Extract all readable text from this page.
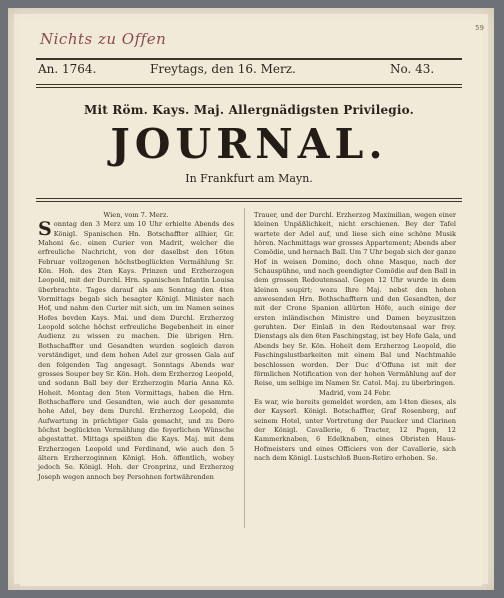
Nichts zu Offen
59
An. 1764.	Freytags, den 16. Merz.	No. 43.
Mit Röm. Kays. Maj. Allergnädigsten Privilegio.
JOURNAL.
In Frankfurt am Mayn.
Wien, vom 7. Merz.

Sonntag den 3 Merz um 10 Uhr erhielte Abends des Königl. Spanischen Hn. Botschaffter allhier, Gr. Mahoni &c. einen Curier von Madrit, welcher die erfreuliche Nachricht, von der daselbst den 16ten Februar vollzogenen höchstbeglückten Vermählung Sr. Kön. Hoh. des 2ten Kays. Prinzen und Erzherzogen Leopold, mit der Durchl. Hrn. spanischen Infantin Louisa überbrachte. Tages darauf als am Sonntag den 4ten Vormittags begab sich besagter Königl. Minister nach Hof, und nahm den Curier mit sich, um im Namen seines Hofes bevden Kays. Mai. und dem Durchl. Erzherzog Leopold solche höchst erfreuliche Begebenheit in einer Audienz zu wissen zu machen. Die übrigen Hrn. Bothschaffter und Gesandten wurden sogleich davon verständiget, und dem hohen Adel zur grossen Gala auf den folgenden Tag angesagt. Sonntags Abends war grosses Souper bey Sr. Kön. Hoh. dem Erzherzog Leopold, und sodann Ball bey der Erzherzogin Maria Anna Kö. Hoheit. Montag den 5ten Vormittags, haben die Hrn. Bothschaffere und Gesandten, wie auch der gesammte hohe Adel, bey dem Durchl. Erzherzog Leopold, die Aufwartung in prächtiger Gala gemacht, und zu Dero höchst beglückten Vermählung die feyerlichen Wünsche abgestattet. Mittags speißten die Kays. Maj. mit dem Erzherzogen Leopold und Ferdinand, wie auch den 5 ältern Erzherzoginnen Königl. Hoh. öffentlich, wobey jedoch Se. Königl. Hoh. der Cronprinz, und Erzherzog Joseph wegen annoch bey Persohnen fortwährenden

Trauer, und der Durchl. Erzherzog Maximilian, wegen einer kleinen Unpäßlichkeit, nicht erschienen. Bey der Tafel wartete der Adel auf, und liese sich eine schöne Musik hören. Nachmittags war grosses Appartement; Abends aber Comödie, und hernach Ball. Um 7 Uhr begab sich der ganze Hof in weisen Domino, doch ohne Masque, nach der Schauspühne, und nach geendigter Comödie auf den Ball in dem grossen Redoutensaal. Gegen 12 Uhr wurde in dem kleinen soupirt; wozu Ihre Maj. nebst den hohen anwesenden Hrn. Bothschafftern und den Gesandten, der mit der Crone Spanien allürten Höfe, auch einige der ersten inländischen Ministre und Damen beyzusitzen geruhten. Der Einlaß in den Redoutensaal war frey. Dienstags als den 6ten Faschingstag, ist bey Hofe Gala, und Abends bey Sr. Kön. Hoheit dem Erzherzog Leopold, die Faschingslustbarkeiten mit einem Bal und Nachtmahle beschlossen worden. Der Duc d'Offuna ist mit der förmlichen Notification von der hohen Vermählung auf der Reise, um selbige im Namen Sr. Catol. Maj. zu überbringen.

Madrid, vom 24 Febr.

Es war, wie bereits gemeldet worden, am 14ten dieses, als der Kayserl. Königl. Botschaffter, Graf Rosenberg, auf seinem Hotel, unter Vortretung der Paucker und Clarinen der Königl. Cavallerie, 6 Tracter, 12 Pagen, 12 Kammerknaben, 6 Edelknaben, eines Obristen Haus-Hofmeisters und eines Officiers von der Cavallerie, sich nach dem Königl. Lustschloß Buen-Retiro erhoben. Se.
